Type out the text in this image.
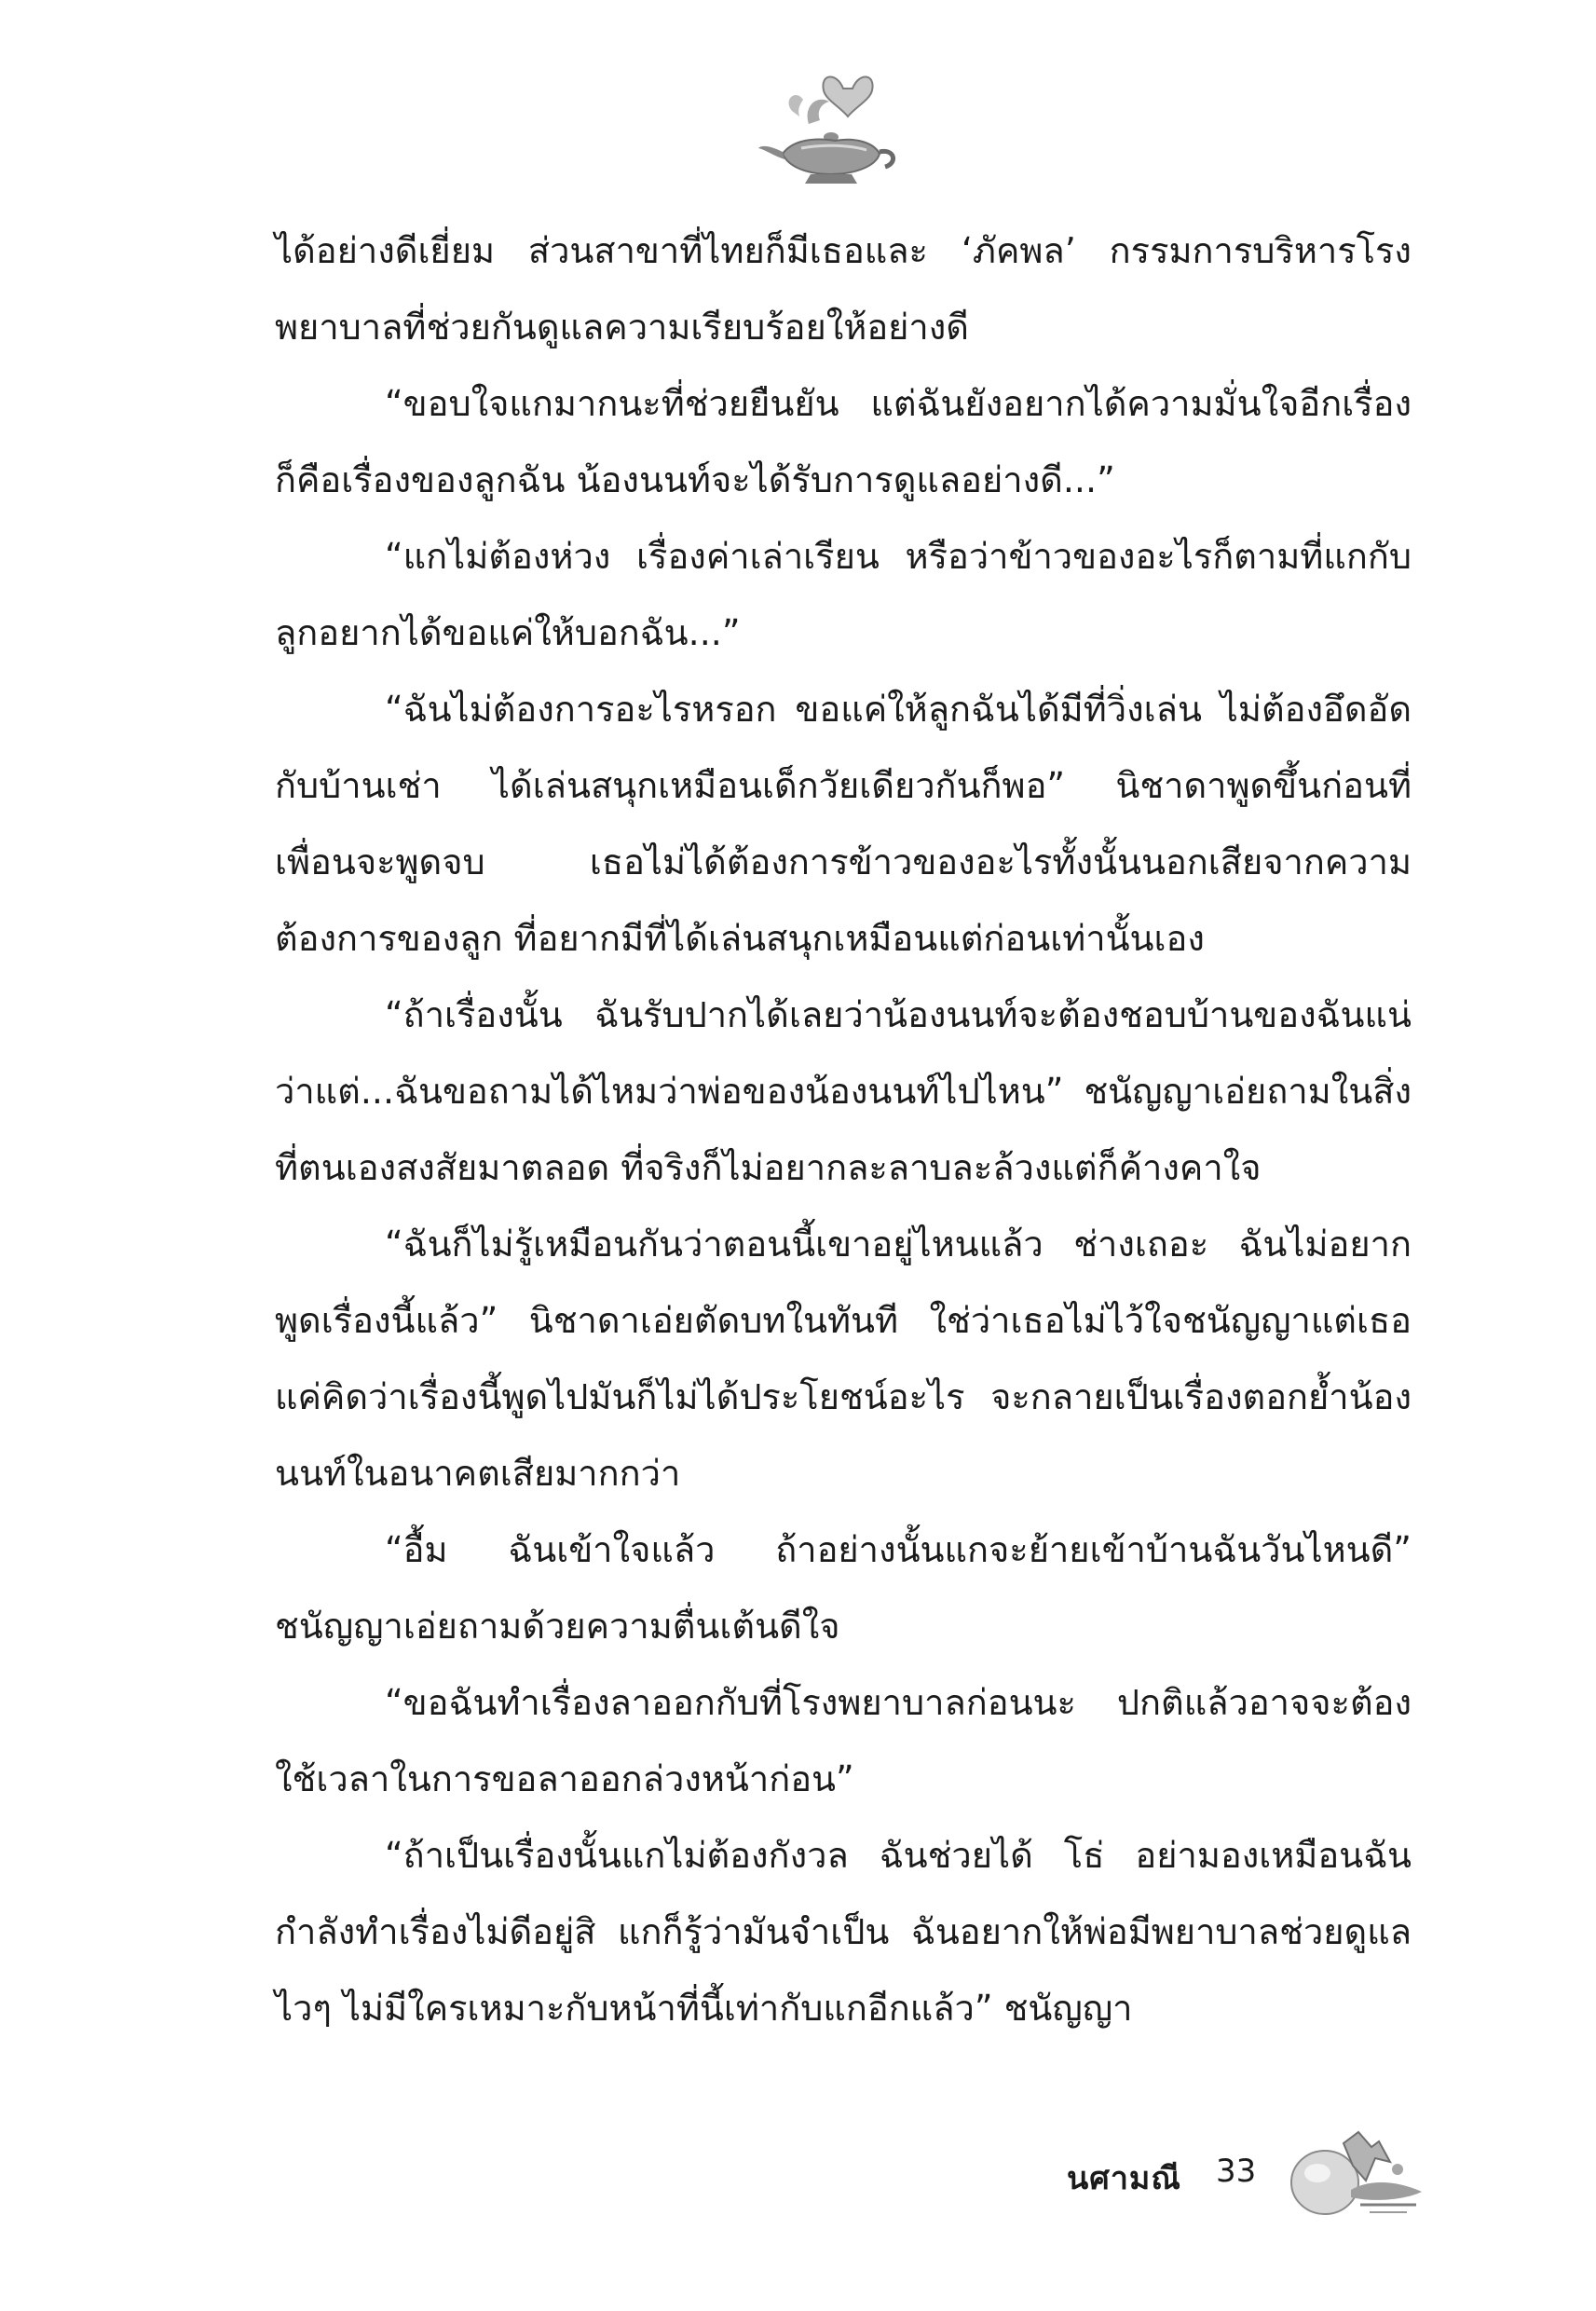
ได้อย่างดีเยี่ยม ส่วนสาขาที่ไทยก็มีเธอและ ‘ภัคพล’ กรรมการบริหารโรงพยาบาลที่ช่วยกันดูแลความเรียบร้อยให้อย่างดี

“ขอบใจแกมากนะที่ช่วยยืนยัน แต่ฉันยังอยากได้ความมั่นใจอีกเรื่องก็คือเรื่องของลูกฉัน น้องนนท์จะได้รับการดูแลอย่างดี...”

“แกไม่ต้องห่วง เรื่องค่าเล่าเรียน หรือว่าข้าวของอะไรก็ตามที่แกกับลูกอยากได้ขอแค่ให้บอกฉัน...”

“ฉันไม่ต้องการอะไรหรอก ขอแค่ให้ลูกฉันได้มีที่วิ่งเล่น ไม่ต้องอึดอัดกับบ้านเช่า ได้เล่นสนุกเหมือนเด็กวัยเดียวกันก็พอ” นิชาดาพูดขึ้นก่อนที่เพื่อนจะพูดจบ เธอไม่ได้ต้องการข้าวของอะไรทั้งนั้นนอกเสียจากความต้องการของลูก ที่อยากมีที่ได้เล่นสนุกเหมือนแต่ก่อนเท่านั้นเอง

“ถ้าเรื่องนั้น ฉันรับปากได้เลยว่าน้องนนท์จะต้องชอบบ้านของฉันแน่ ว่าแต่...ฉันขอถามได้ไหมว่าพ่อของน้องนนท์ไปไหน” ชนัญญาเอ่ยถามในสิ่งที่ตนเองสงสัยมาตลอด ที่จริงก็ไม่อยากละลาบละล้วงแต่ก็ค้างคาใจ

“ฉันก็ไม่รู้เหมือนกันว่าตอนนี้เขาอยู่ไหนแล้ว ช่างเถอะ ฉันไม่อยากพูดเรื่องนี้แล้ว” นิชาดาเอ่ยตัดบทในทันที ใช่ว่าเธอไม่ไว้ใจชนัญญาแต่เธอแค่คิดว่าเรื่องนี้พูดไปมันก็ไม่ได้ประโยชน์อะไร จะกลายเป็นเรื่องตอกย้ำน้องนนท์ในอนาคตเสียมากกว่า

“อื้ม ฉันเข้าใจแล้ว ถ้าอย่างนั้นแกจะย้ายเข้าบ้านฉันวันไหนดี” ชนัญญาเอ่ยถามด้วยความตื่นเต้นดีใจ

“ขอฉันทำเรื่องลาออกกับที่โรงพยาบาลก่อนนะ ปกติแล้วอาจจะต้องใช้เวลาในการขอลาออกล่วงหน้าก่อน”

“ถ้าเป็นเรื่องนั้นแกไม่ต้องกังวล ฉันช่วยได้ โธ่ อย่ามองเหมือนฉันกำลังทำเรื่องไม่ดีอยู่สิ แกก็รู้ว่ามันจำเป็น ฉันอยากให้พ่อมีพยาบาลช่วยดูแลไวๆ ไม่มีใครเหมาะกับหน้าที่นี้เท่ากับแกอีกแล้ว” ชนัญญา

นศามณี 33
